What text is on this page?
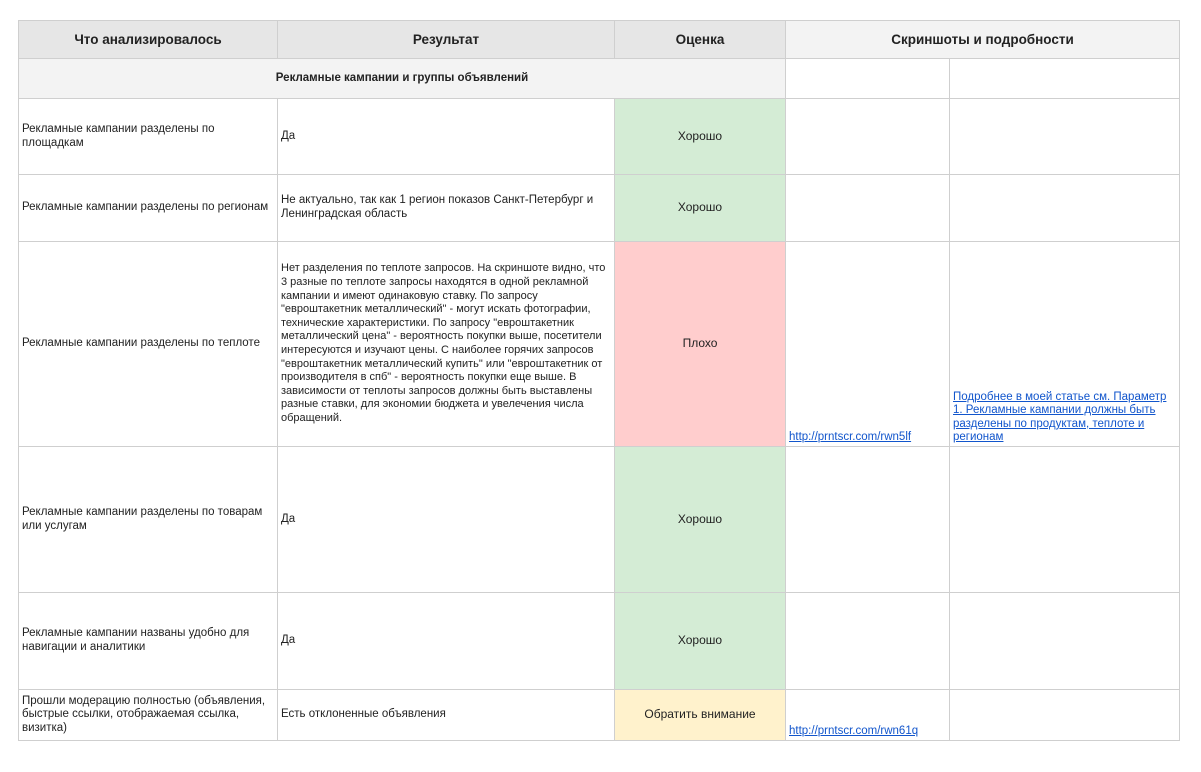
Что анализировалось	Результат	Оценка	Скриншоты и подробности	
Рекламные кампании и группы объявлений				
Рекламные кампании разделены по площадкам	Да	Хорошо		
Рекламные кампании разделены по регионам	Не актуально, так как 1 регион показов Санкт-Петербург и Ленинградская область	Хорошо		
Рекламные кампании разделены по теплоте	Нет разделения по теплоте запросов. На скриншоте видно, что 3 разные по теплоте запросы находятся в одной рекламной кампании и имеют одинаковую ставку. По запросу "еврoштакетник металлический" - могут искать фотографии, технические характеристики. По запросу "евроштакетник металлический цена" - вероятность покупки выше, посетители интересуются и изучают цены. С наиболее горячих запросов "евроштакетник металлический купить" или "евроштакетник от производителя в спб" - вероятность покупки еще выше. В зависимости от теплоты запросов должны быть выставлены разные ставки, для экономии бюджета и увелечения числа обращений.	Плохо	http://prntscr.com/rwn5lf	Подробнее в моей статье см. Параметр 1. Рекламные кампании должны быть разделены по продуктам, теплоте и регионам
Рекламные кампании разделены по товарам или услугам	Да	Хорошо		
Рекламные кампании названы удобно для навигации и аналитики	Да	Хорошо		
Прошли модерацию полностью (объявления, быстрые ссылки, отображаемая ссылка, визитка)	Есть отклоненные объявления	Обратить внимание	http://prntscr.com/rwn61q	
